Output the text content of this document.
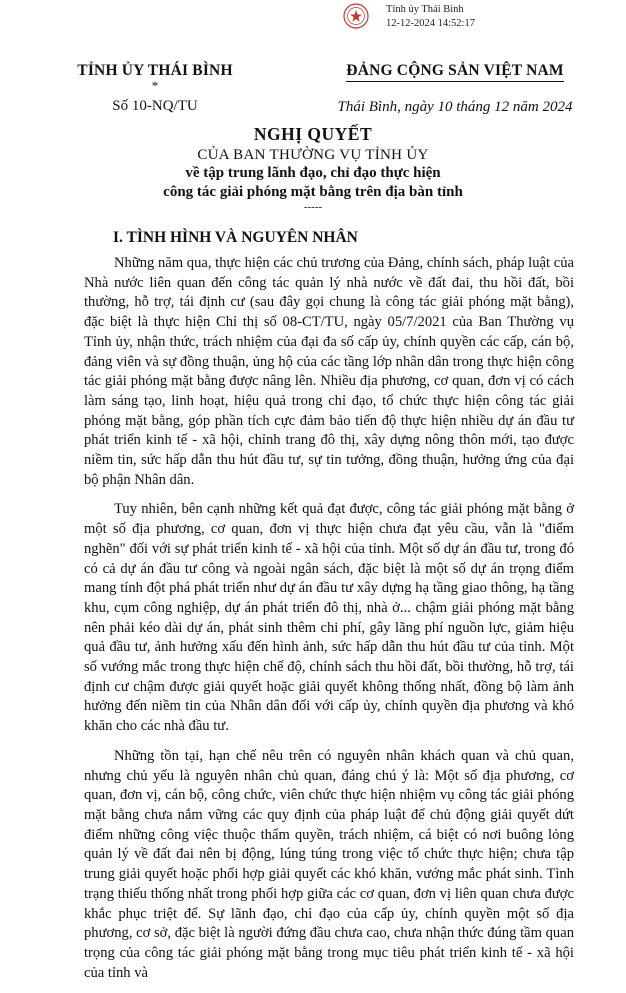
Tỉnh ủy Thái Bình
12-12-2024 14:52:17
TỈNH ỦY THÁI BÌNH
*
Số 10-NQ/TU
ĐẢNG CỘNG SẢN VIỆT NAM
Thái Bình, ngày 10 tháng 12 năm 2024
NGHỊ QUYẾT
CỦA BAN THƯỜNG VỤ TỈNH ỦY
về tập trung lãnh đạo, chỉ đạo thực hiện
công tác giải phóng mặt bằng trên địa bàn tỉnh
-----
I. TÌNH HÌNH VÀ NGUYÊN NHÂN

Những năm qua, thực hiện các chủ trương của Đảng, chính sách, pháp luật của Nhà nước liên quan đến công tác quản lý nhà nước về đất đai, thu hồi đất, bồi thường, hỗ trợ, tái định cư (sau đây gọi chung là công tác giải phóng mặt bằng), đặc biệt là thực hiện Chỉ thị số 08-CT/TU, ngày 05/7/2021 của Ban Thường vụ Tỉnh ủy, nhận thức, trách nhiệm của đại đa số cấp ủy, chính quyền các cấp, cán bộ, đảng viên và sự đồng thuận, ủng hộ của các tầng lớp nhân dân trong thực hiện công tác giải phóng mặt bằng được nâng lên. Nhiều địa phương, cơ quan, đơn vị có cách làm sáng tạo, linh hoạt, hiệu quả trong chỉ đạo, tổ chức thực hiện công tác giải phóng mặt bằng, góp phần tích cực đảm bảo tiến độ thực hiện nhiều dự án đầu tư phát triển kinh tế - xã hội, chỉnh trang đô thị, xây dựng nông thôn mới, tạo được niềm tin, sức hấp dẫn thu hút đầu tư, sự tin tưởng, đồng thuận, hưởng ứng của đại bộ phận Nhân dân.

Tuy nhiên, bên cạnh những kết quả đạt được, công tác giải phóng mặt bằng ở một số địa phương, cơ quan, đơn vị thực hiện chưa đạt yêu cầu, vẫn là "điểm nghẽn" đối với sự phát triển kinh tế - xã hội của tỉnh. Một số dự án đầu tư, trong đó có cả dự án đầu tư công và ngoài ngân sách, đặc biệt là một số dự án trọng điểm mang tính đột phá phát triển như dự án đầu tư xây dựng hạ tầng giao thông, hạ tầng khu, cụm công nghiệp, dự án phát triển đô thị, nhà ở... chậm giải phóng mặt bằng nên phải kéo dài dự án, phát sinh thêm chi phí, gây lãng phí nguồn lực, giảm hiệu quả đầu tư, ảnh hưởng xấu đến hình ảnh, sức hấp dẫn thu hút đầu tư của tỉnh. Một số vướng mắc trong thực hiện chế độ, chính sách thu hồi đất, bồi thường, hỗ trợ, tái định cư chậm được giải quyết hoặc giải quyết không thống nhất, đồng bộ làm ảnh hưởng đến niềm tin của Nhân dân đối với cấp ủy, chính quyền địa phương và khó khăn cho các nhà đầu tư.

Những tồn tại, hạn chế nêu trên có nguyên nhân khách quan và chủ quan, nhưng chủ yếu là nguyên nhân chủ quan, đáng chú ý là: Một số địa phương, cơ quan, đơn vị, cán bộ, công chức, viên chức thực hiện nhiệm vụ công tác giải phóng mặt bằng chưa nắm vững các quy định của pháp luật để chủ động giải quyết dứt điểm những công việc thuộc thẩm quyền, trách nhiệm, cá biệt có nơi buông lỏng quản lý về đất đai nên bị động, lúng túng trong việc tổ chức thực hiện; chưa tập trung giải quyết hoặc phối hợp giải quyết các khó khăn, vướng mắc phát sinh. Tình trạng thiếu thống nhất trong phối hợp giữa các cơ quan, đơn vị liên quan chưa được khắc phục triệt để. Sự lãnh đạo, chỉ đạo của cấp ủy, chính quyền một số địa phương, cơ sở, đặc biệt là người đứng đầu chưa cao, chưa nhận thức đúng tầm quan trọng của công tác giải phóng mặt bằng trong mục tiêu phát triển kinh tế - xã hội của tỉnh và
